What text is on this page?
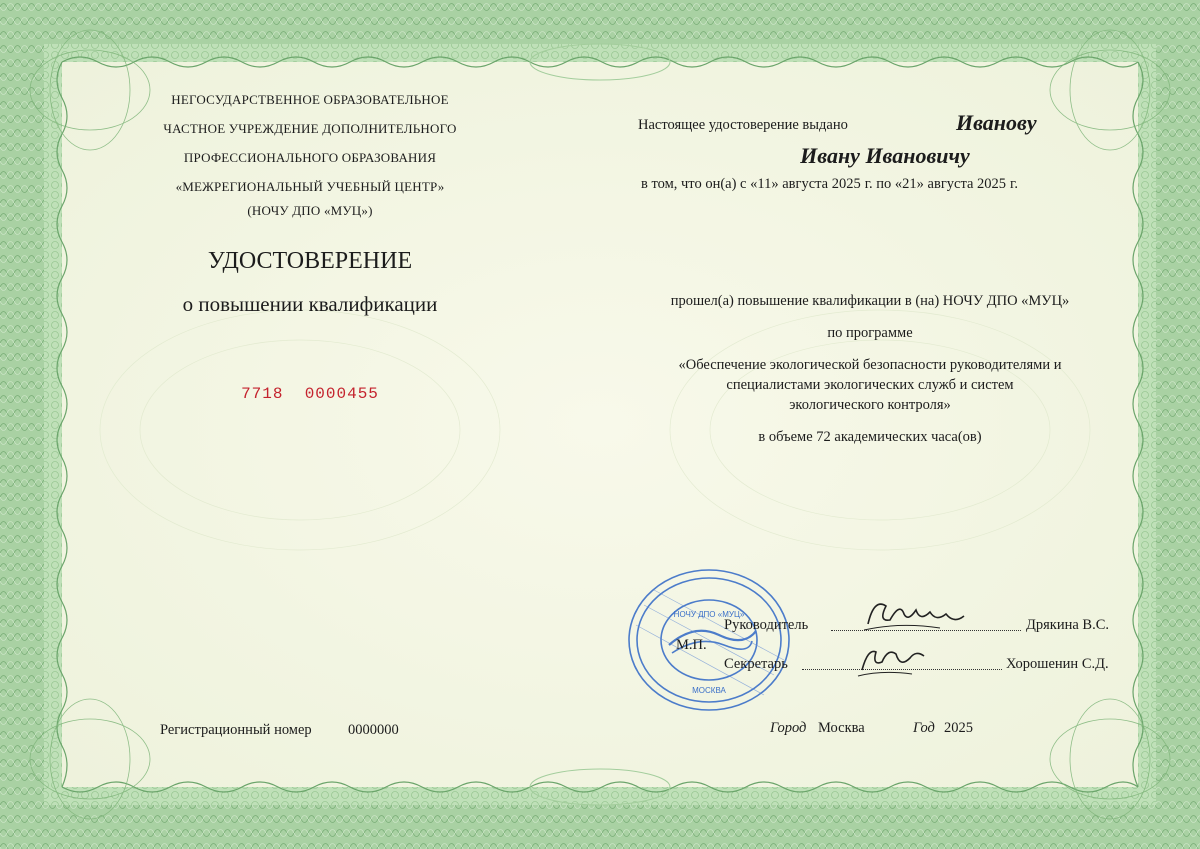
НЕГОСУДАРСТВЕННОЕ ОБРАЗОВАТЕЛЬНОЕ
ЧАСТНОЕ УЧРЕЖДЕНИЕ ДОПОЛНИТЕЛЬНОГО
ПРОФЕССИОНАЛЬНОГО ОБРАЗОВАНИЯ
«МЕЖРЕГИОНАЛЬНЫЙ УЧЕБНЫЙ ЦЕНТР»
(НОЧУ ДПО «МУЦ»)
УДОСТОВЕРЕНИЕ
о повышении квалификации
7718  0000455
Регистрационный номер	0000000
Настоящее удостоверение выдано	Иванову
Ивану Ивановичу
в том, что он(а) с « 11 » августа 20 25 г. по « 21 » августа 20 25 г.
прошел(а) повышение квалификации в (на) НОЧУ ДПО «МУЦ»
по программе
«Обеспечение экологической безопасности руководителями и
специалистами экологических служб и систем
экологического контроля»
в объеме 72 академических часа(ов)
НОЧУ ДПО «МУЦ»
МОСКВА
М.П.
Руководитель	Дрякина В.С.
Секретарь	Хорошенин С.Д.
Город Москва	Год 2025
